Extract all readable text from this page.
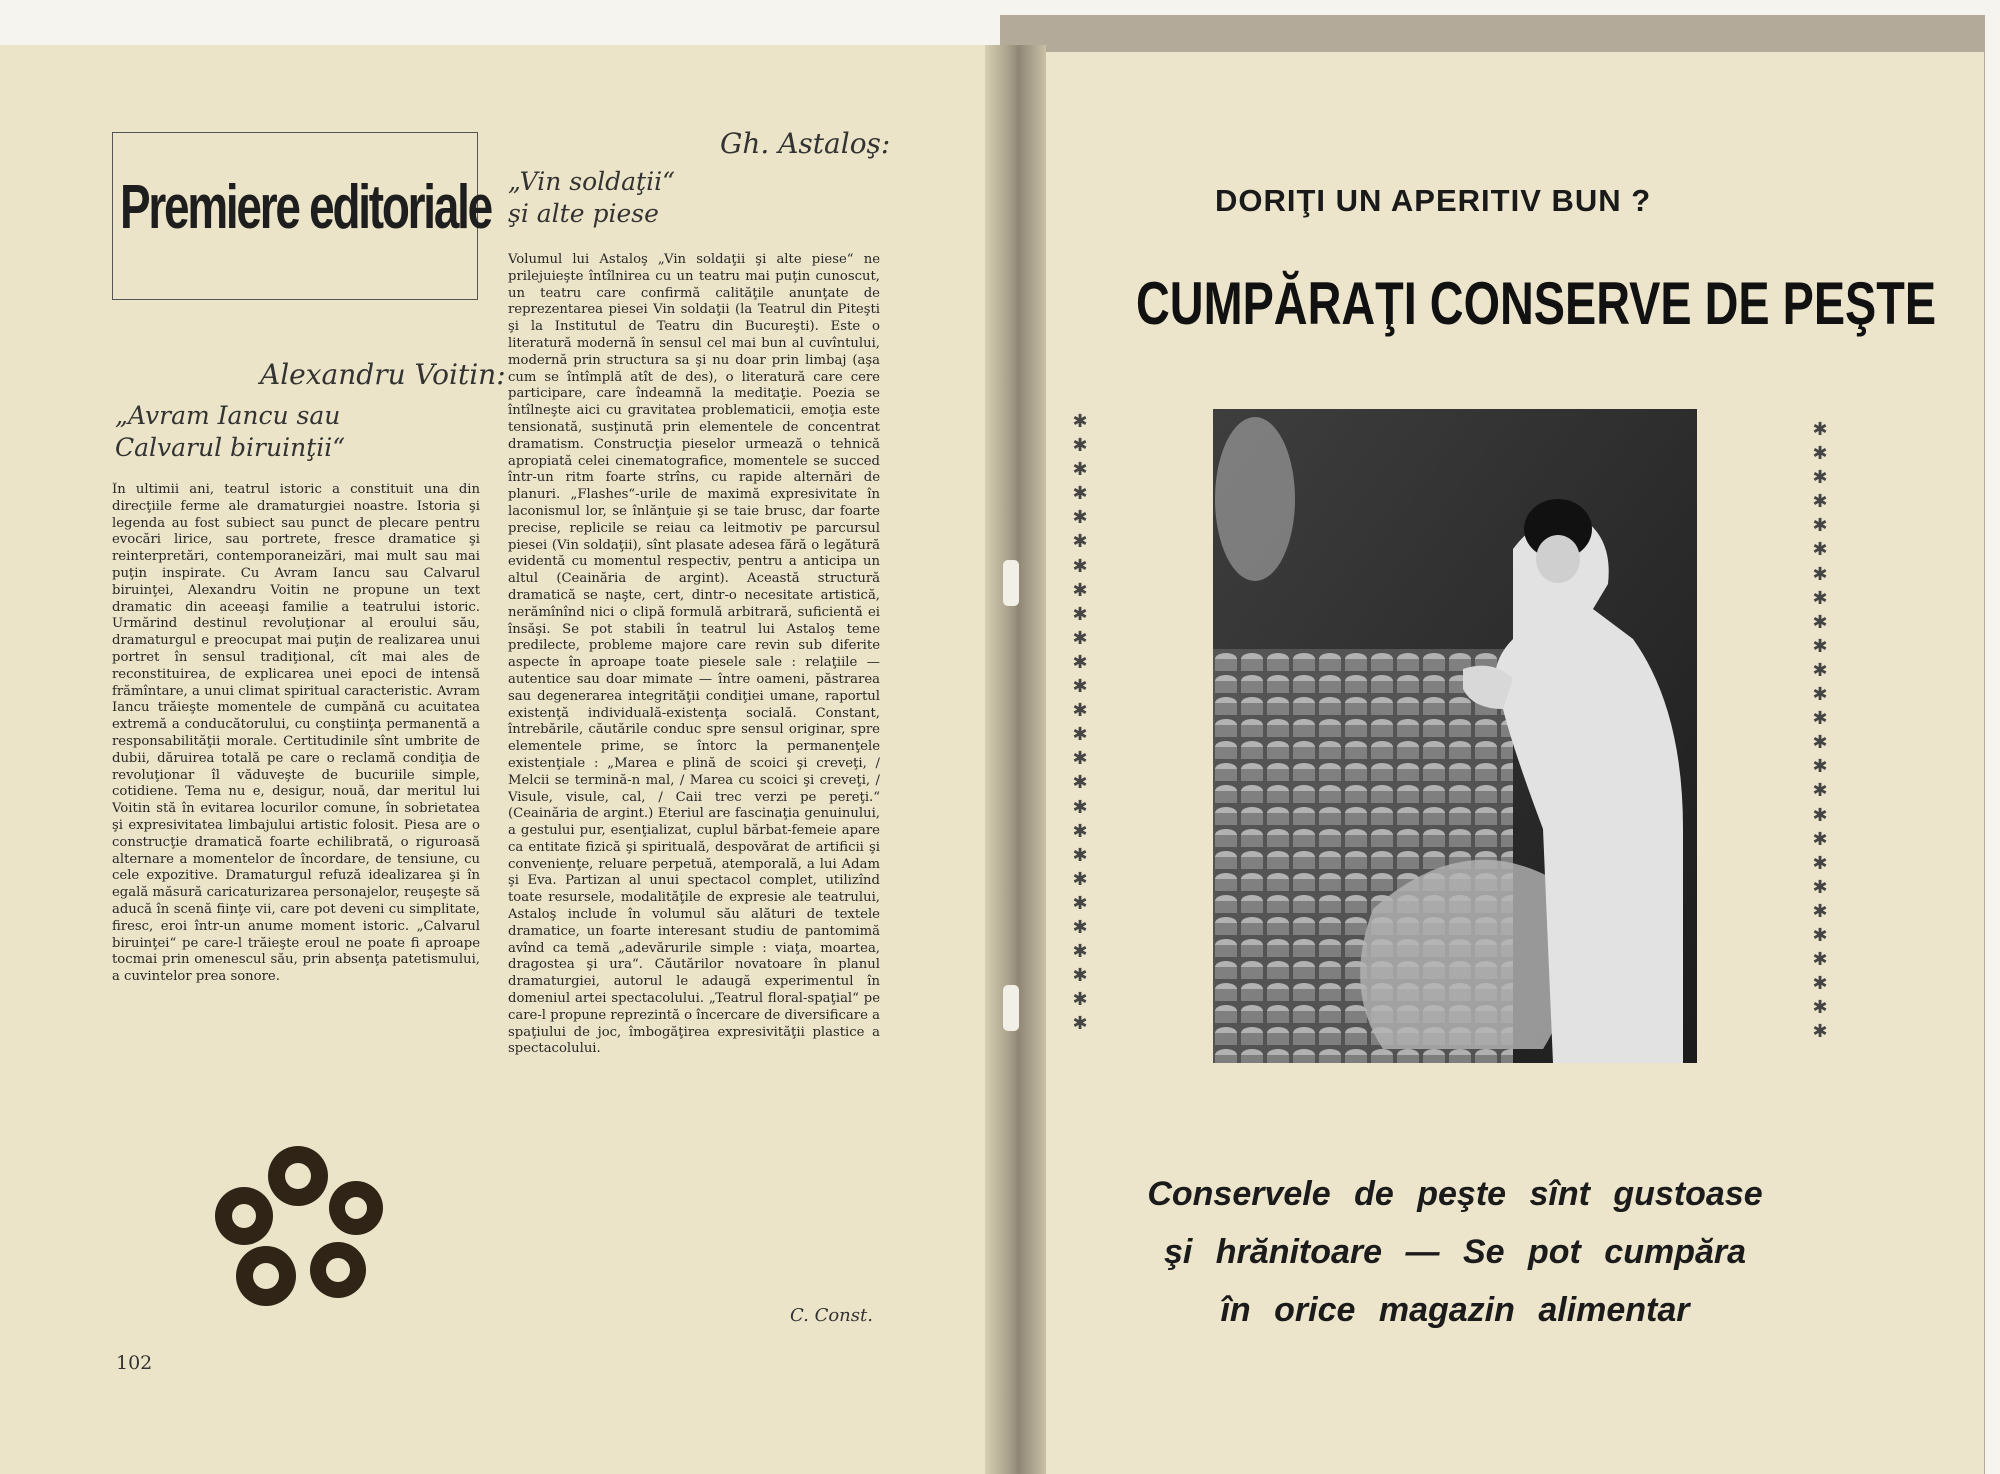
Premiere editoriale
Alexandru Voitin:
„Avram Iancu sau
Calvarul biruinţii“
În ultimii ani, teatrul istoric a constituit una din direcţiile ferme ale dramaturgiei noastre. Istoria şi legenda au fost subiect sau punct de plecare pentru evocări lirice, sau portrete, fresce dramatice şi reinterpretări, contemporaneizări, mai mult sau mai puţin inspirate. Cu Avram Iancu sau Calvarul biruinţei, Alexandru Voitin ne propune un text dramatic din aceeaşi familie a teatrului istoric. Urmărind destinul revoluţionar al eroului său, dramaturgul e preocupat mai puţin de realizarea unui portret în sensul tradiţional, cît mai ales de reconstituirea, de explicarea unei epoci de intensă frămîntare, a unui climat spiritual caracteristic. Avram Iancu trăieşte momentele de cumpănă cu acuitatea extremă a conducătorului, cu conştiinţa permanentă a responsabilităţii morale. Certitudinile sînt umbrite de dubii, dăruirea totală pe care o reclamă condiţia de revoluţionar îl văduveşte de bucuriile simple, cotidiene. Tema nu e, desigur, nouă, dar meritul lui Voitin stă în evitarea locurilor comune, în sobrietatea şi expresivitatea limbajului artistic folosit. Piesa are o construcţie dramatică foarte echilibrată, o riguroasă alternare a momentelor de încordare, de tensiune, cu cele expozitive. Dramaturgul refuză idealizarea şi în egală măsură caricaturizarea personajelor, reuşeşte să aducă în scenă fiinţe vii, care pot deveni cu simplitate, firesc, eroi într-un anume moment istoric. „Calvarul biruinţei“ pe care-l trăieşte eroul ne poate fi aproape tocmai prin omenescul său, prin absenţa patetismului, a cuvintelor prea sonore.
Gh. Astaloş:
„Vin soldaţii“
şi alte piese
Volumul lui Astaloş „Vin soldaţii şi alte piese“ ne prilejuieşte întîlnirea cu un teatru mai puţin cunoscut, un teatru care confirmă calităţile anunţate de reprezentarea piesei Vin soldaţii (la Teatrul din Piteşti şi la Institutul de Teatru din Bucureşti). Este o literatură modernă în sensul cel mai bun al cuvîntului, modernă prin structura sa şi nu doar prin limbaj (aşa cum se întîmplă atît de des), o literatură care cere participare, care îndeamnă la meditaţie. Poezia se întîlneşte aici cu gravitatea problematicii, emoţia este tensionată, susţinută prin elementele de concentrat dramatism. Construcţia pieselor urmează o tehnică apropiată celei cinematografice, momentele se succed într-un ritm foarte strîns, cu rapide alternări de planuri. „Flashes“-urile de maximă expresivitate în laconismul lor, se înlănţuie şi se taie brusc, dar foarte precise, replicile se reiau ca leitmotiv pe parcursul piesei (Vin soldaţii), sînt plasate adesea fără o legătură evidentă cu momentul respectiv, pentru a anticipa un altul (Ceainăria de argint). Această structură dramatică se naşte, cert, dintr-o necesitate artistică, nerămînînd nici o clipă formulă arbitrară, suficientă ei însăşi. Se pot stabili în teatrul lui Astaloş teme predilecte, probleme majore care revin sub diferite aspecte în aproape toate piesele sale : relaţiile — autentice sau doar mimate — între oameni, păstrarea sau degenerarea integrităţii condiţiei umane, raportul existenţă individuală-existenţa socială. Constant, întrebările, căutările conduc spre sensul originar, spre elementele prime, se întorc la permanenţele existenţiale : „Marea e plină de scoici şi creveţi, / Melcii se termină-n mal, / Marea cu scoici şi creveţi, / Visule, visule, cal, / Caii trec verzi pe pereţi.“ (Ceainăria de argint.) Eteriul are fascinaţia genuinului, a gestului pur, esenţializat, cuplul bărbat-femeie apare ca entitate fizică şi spirituală, despovărat de artificii şi convenienţe, reluare perpetuă, atemporală, a lui Adam şi Eva. Partizan al unui spectacol complet, utilizînd toate resursele, modalităţile de expresie ale teatrului, Astaloş include în volumul său alături de textele dramatice, un foarte interesant studiu de pantomimă avînd ca temă „adevărurile simple : viaţa, moartea, dragostea şi ura“. Căutărilor novatoare în planul dramaturgiei, autorul le adaugă experimentul în domeniul artei spectacolului. „Teatrul floral-spaţial“ pe care-l propune reprezintă o încercare de diversificare a spaţiului de joc, îmbogăţirea expresivităţii plastice a spectacolului.
C. Const.
102
DORIŢI UN APERITIV BUN ?
CUMPĂRAŢI CONSERVE DE PEŞTE
✱
✱
✱
✱
✱
✱
✱
✱
✱
✱
✱
✱
✱
✱
✱
✱
✱
✱
✱
✱
✱
✱
✱
✱
✱
✱
✱
✱
✱
✱
✱
✱
✱
✱
✱
✱
✱
✱
✱
✱
✱
✱
✱
✱
✱
✱
✱
✱
✱
✱
✱
✱
Conservele de peşte sînt gustoase
şi hrănitoare — Se pot cumpăra
în orice magazin alimentar
